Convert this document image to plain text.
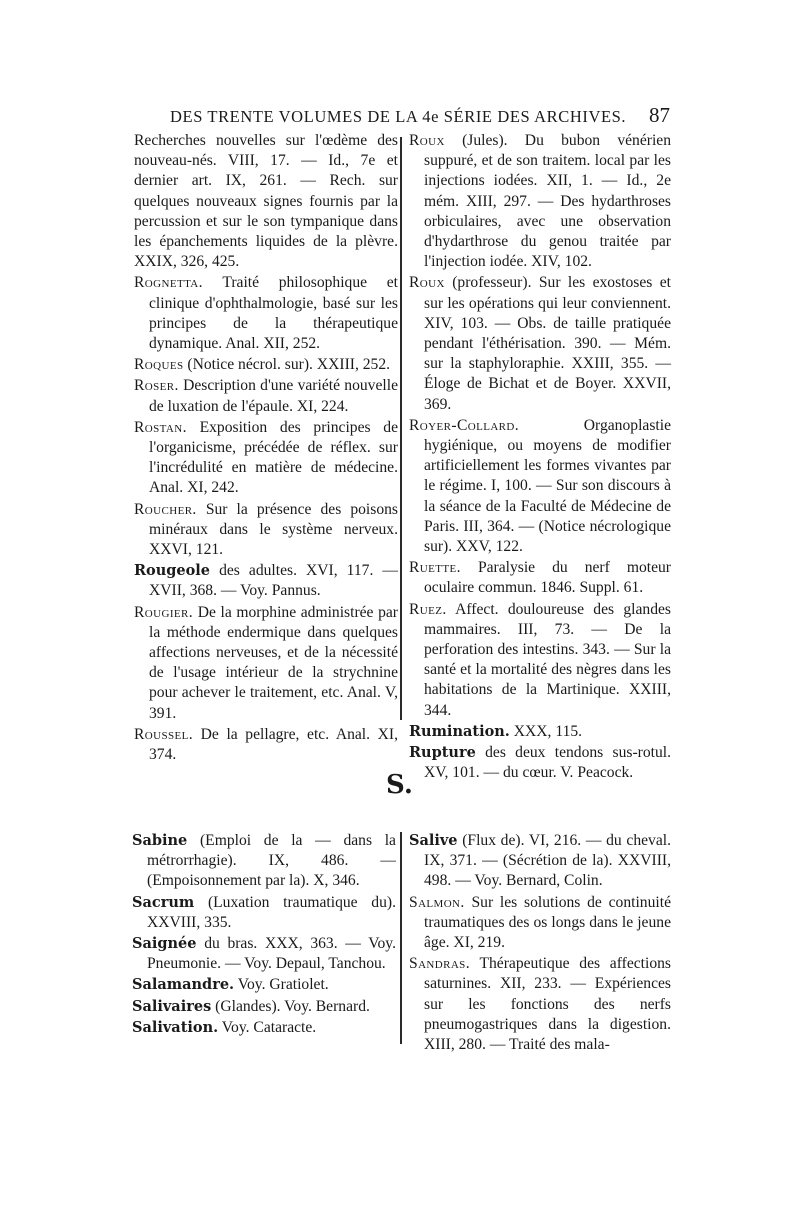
DES TRENTE VOLUMES DE LA 4e SÉRIE DES ARCHIVES. 87
S.
Recherches nouvelles sur l'œdème des nouveau-nés. VIII, 17. — Id., 7e et dernier art. IX, 261. — Rech. sur quelques nouveaux signes fournis par la percussion et sur le son tympanique dans les épanchements liquides de la plèvre. XXIX, 326, 425.
Rognetta. Traité philosophique et clinique d'ophthalmologie, basé sur les principes de la thérapeutique dynamique. Anal. XII, 252.
Roques (Notice nécrol. sur). XXIII, 252.
Roser. Description d'une variété nouvelle de luxation de l'épaule. XI, 224.
Rostan. Exposition des principes de l'organicisme, précédée de réflex. sur l'incrédulité en matière de médecine. Anal. XI, 242.
Roucher. Sur la présence des poisons minéraux dans le système nerveux. XXVI, 121.
Rougeole des adultes. XVI, 117. — XVII, 368. — Voy. Pannus.
Rougier. De la morphine administrée par la méthode endermique dans quelques affections nerveuses, et de la nécessité de l'usage intérieur de la strychnine pour achever le traitement, etc. Anal. V, 391.
Roussel. De la pellagre, etc. Anal. XI, 374.
Roux (Jules). Du bubon vénérien suppuré, et de son traitem. local par les injections iodées. XII, 1. — Id., 2e mém. XIII, 297. — Des hydarthroses orbiculaires, avec une observation d'hydarthrose du genou traitée par l'injection iodée. XIV, 102.
Roux (professeur). Sur les exostoses et sur les opérations qui leur conviennent. XIV, 103. — Obs. de taille pratiquée pendant l'éthérisation. 390. — Mém. sur la staphyloraphie. XXIII, 355. — Éloge de Bichat et de Boyer. XXVII, 369.
Royer-Collard.	Organoplastie hygiénique, ou moyens de modifier artificiellement les formes vivantes par le régime. I, 100. — Sur son discours à la séance de la Faculté de Médecine de Paris. III, 364. — (Notice nécrologique sur). XXV, 122.
Ruette. Paralysie du nerf moteur oculaire commun. 1846. Suppl. 61.
Ruez. Affect. douloureuse des glandes mammaires. III, 73. — De la perforation des intestins. 343. — Sur la santé et la mortalité des nègres dans les habitations de la Martinique. XXIII, 344.
Rumination. XXX, 115.
Rupture des deux tendons sus-rotul. XV, 101. — du cœur. V. Peacock.
Sabine (Emploi de la — dans la métrorrhagie). IX, 486. — (Empoisonnement par la). X, 346.
Sacrum (Luxation traumatique du). XXVIII, 335.
Saignée du bras. XXX, 363. — Voy. Pneumonie. — Voy. Depaul, Tanchou.
Salamandre. Voy. Gratiolet.
Salivaires (Glandes). Voy. Bernard.
Salivation. Voy. Cataracte.
Salive (Flux de). VI, 216. — du cheval. IX, 371. — (Sécrétion de la). XXVIII, 498. — Voy. Bernard, Colin.
Salmon. Sur les solutions de continuité traumatiques des os longs dans le jeune âge. XI, 219.
Sandras. Thérapeutique des affections saturnines. XII, 233. — Expériences sur les fonctions des nerfs pneumogastriques dans la digestion. XIII, 280. — Traité des mala-
